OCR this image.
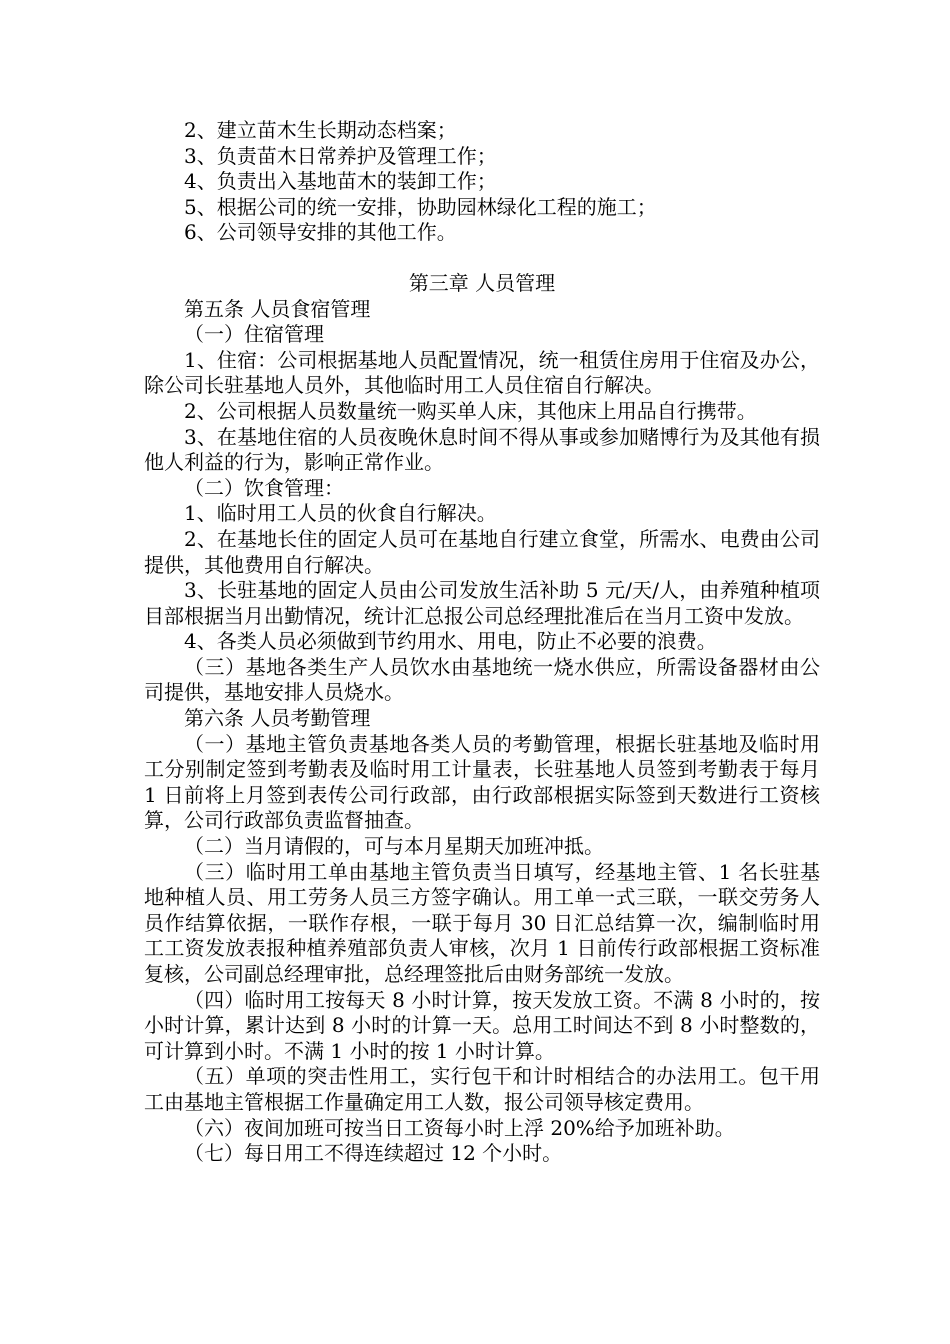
2、建立苗木生长期动态档案；

3、负责苗木日常养护及管理工作；

4、负责出入基地苗木的装卸工作；

5、根据公司的统一安排，协助园林绿化工程的施工；

6、公司领导安排的其他工作。

第三章 人员管理

第五条 人员食宿管理

（一）住宿管理

1、住宿：公司根据基地人员配置情况，统一租赁住房用于住宿及办公，除公司长驻基地人员外，其他临时用工人员住宿自行解决。

2、公司根据人员数量统一购买单人床，其他床上用品自行携带。

3、在基地住宿的人员夜晚休息时间不得从事或参加赌博行为及其他有损他人利益的行为，影响正常作业。

（二）饮食管理：

1、临时用工人员的伙食自行解决。

2、在基地长住的固定人员可在基地自行建立食堂，所需水、电费由公司提供，其他费用自行解决。

3、长驻基地的固定人员由公司发放生活补助 5 元/天/人，由养殖种植项目部根据当月出勤情况，统计汇总报公司总经理批准后在当月工资中发放。

4、各类人员必须做到节约用水、用电，防止不必要的浪费。

（三）基地各类生产人员饮水由基地统一烧水供应，所需设备器材由公司提供，基地安排人员烧水。

第六条 人员考勤管理

（一）基地主管负责基地各类人员的考勤管理，根据长驻基地及临时用工分别制定签到考勤表及临时用工计量表，长驻基地人员签到考勤表于每月 1 日前将上月签到表传公司行政部，由行政部根据实际签到天数进行工资核算，公司行政部负责监督抽查。

（二）当月请假的，可与本月星期天加班冲抵。

（三）临时用工单由基地主管负责当日填写，经基地主管、1 名长驻基地种植人员、用工劳务人员三方签字确认。用工单一式三联，一联交劳务人员作结算依据，一联作存根，一联于每月 30 日汇总结算一次，编制临时用工工资发放表报种植养殖部负责人审核，次月 1 日前传行政部根据工资标准复核，公司副总经理审批，总经理签批后由财务部统一发放。

（四）临时用工按每天 8 小时计算，按天发放工资。不满 8 小时的，按小时计算，累计达到 8 小时的计算一天。总用工时间达不到 8 小时整数的，可计算到小时。不满 1 小时的按 1 小时计算。

（五）单项的突击性用工，实行包干和计时相结合的办法用工。包干用工由基地主管根据工作量确定用工人数，报公司领导核定费用。

（六）夜间加班可按当日工资每小时上浮 20%给予加班补助。

（七）每日用工不得连续超过 12 个小时。
